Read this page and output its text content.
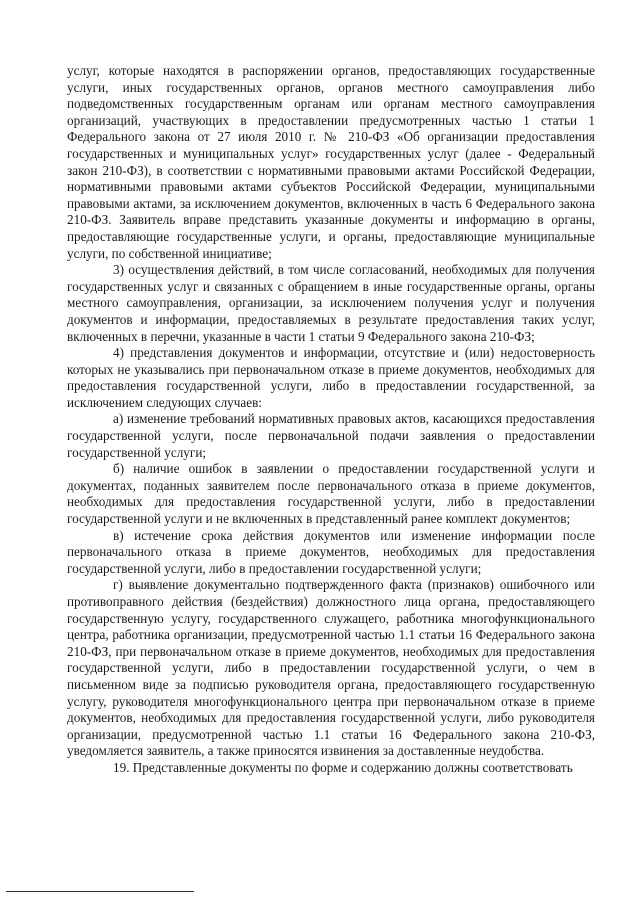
услуг, которые находятся в распоряжении органов, предоставляющих государственные услуги, иных государственных органов, органов местного самоуправления либо подведомственных государственным органам или органам местного самоуправления организаций, участвующих в предоставлении предусмотренных частью 1 статьи 1 Федерального закона от 27 июля 2010 г. № 210-ФЗ «Об организации предоставления государственных и муниципальных услуг» государственных услуг (далее - Федеральный закон 210-ФЗ), в соответствии с нормативными правовыми актами Российской Федерации, нормативными правовыми актами субъектов Российской Федерации, муниципальными правовыми актами, за исключением документов, включенных в часть 6 Федерального закона 210-ФЗ. Заявитель вправе представить указанные документы и информацию в органы, предоставляющие государственные услуги, и органы, предоставляющие муниципальные услуги, по собственной инициативе;

3) осуществления действий, в том числе согласований, необходимых для получения государственных услуг и связанных с обращением в иные государственные органы, органы местного самоуправления, организации, за исключением получения услуг и получения документов и информации, предоставляемых в результате предоставления таких услуг, включенных в перечни, указанные в части 1 статьи 9 Федерального закона 210-ФЗ;

4) представления документов и информации, отсутствие и (или) недостоверность которых не указывались при первоначальном отказе в приеме документов, необходимых для предоставления государственной услуги, либо в предоставлении государственной, за исключением следующих случаев:

а) изменение требований нормативных правовых актов, касающихся предоставления государственной услуги, после первоначальной подачи заявления о предоставлении государственной услуги;

б) наличие ошибок в заявлении о предоставлении государственной услуги и документах, поданных заявителем после первоначального отказа в приеме документов, необходимых для предоставления государственной услуги, либо в предоставлении государственной услуги и не включенных в представленный ранее комплект документов;

в) истечение срока действия документов или изменение информации после первоначального отказа в приеме документов, необходимых для предоставления государственной услуги, либо в предоставлении государственной услуги;

г) выявление документально подтвержденного факта (признаков) ошибочного или противоправного действия (бездействия) должностного лица органа, предоставляющего государственную услугу, государственного служащего, работника многофункционального центра, работника организации, предусмотренной частью 1.1 статьи 16 Федерального закона 210-ФЗ, при первоначальном отказе в приеме документов, необходимых для предоставления государственной услуги, либо в предоставлении государственной услуги, о чем в письменном виде за подписью руководителя органа, предоставляющего государственную услугу, руководителя многофункционального центра при первоначальном отказе в приеме документов, необходимых для предоставления государственной услуги, либо руководителя организации, предусмотренной частью 1.1 статьи 16 Федерального закона 210-ФЗ, уведомляется заявитель, а также приносятся извинения за доставленные неудобства.

19. Представленные документы по форме и содержанию должны соответствовать
